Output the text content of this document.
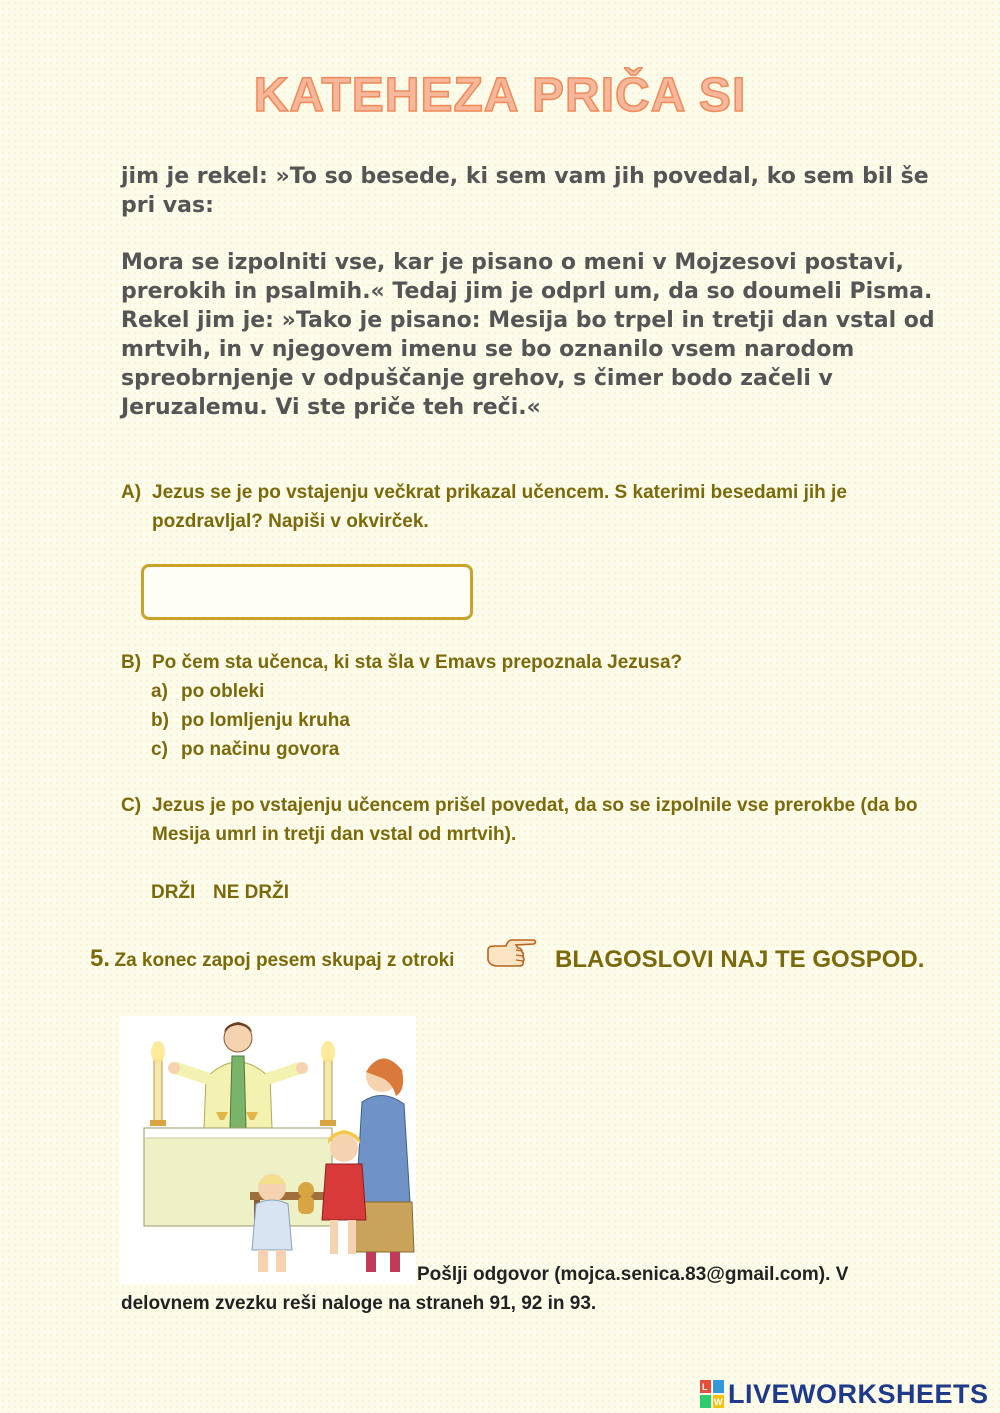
KATEHEZA PRIČA SI
jim je rekel: »To so besede, ki sem vam jih povedal, ko sem bil še pri vas:
Mora se izpolniti vse, kar je pisano o meni v Mojzesovi postavi, prerokih in psalmih.« Tedaj jim je odprl um, da so doumeli Pisma. Rekel jim je: »Tako je pisano: Mesija bo trpel in tretji dan vstal od mrtvih, in v njegovem imenu se bo oznanilo vsem narodom spreobrnjenje v odpuščanje grehov, s čimer bodo začeli v Jeruzalemu. Vi ste priče teh reči.«
A) Jezus se je po vstajenju večkrat prikazal učencem. S katerimi besedami jih je pozdravljal? Napiši v okvirček.
B) Po čem sta učenca, ki sta šla v Emavs prepoznala Jezusa?
a) po obleki
b) po lomljenju kruha
c) po načinu govora
C) Jezus je po vstajenju učencem prišel povedat, da so se izpolnile vse prerokbe (da bo Mesija umrl in tretji dan vstal od mrtvih).
DRŽI NE DRŽI
5. Za konec zapoj pesem skupaj z otroki	BLAGOSLOVI NAJ TE GOSPOD.
Pošlji odgovor (mojca.senica.83@gmail.com). V delovnem zvezku reši naloge na straneh 91, 92 in 93.
L
W LIVEWORKSHEETS
